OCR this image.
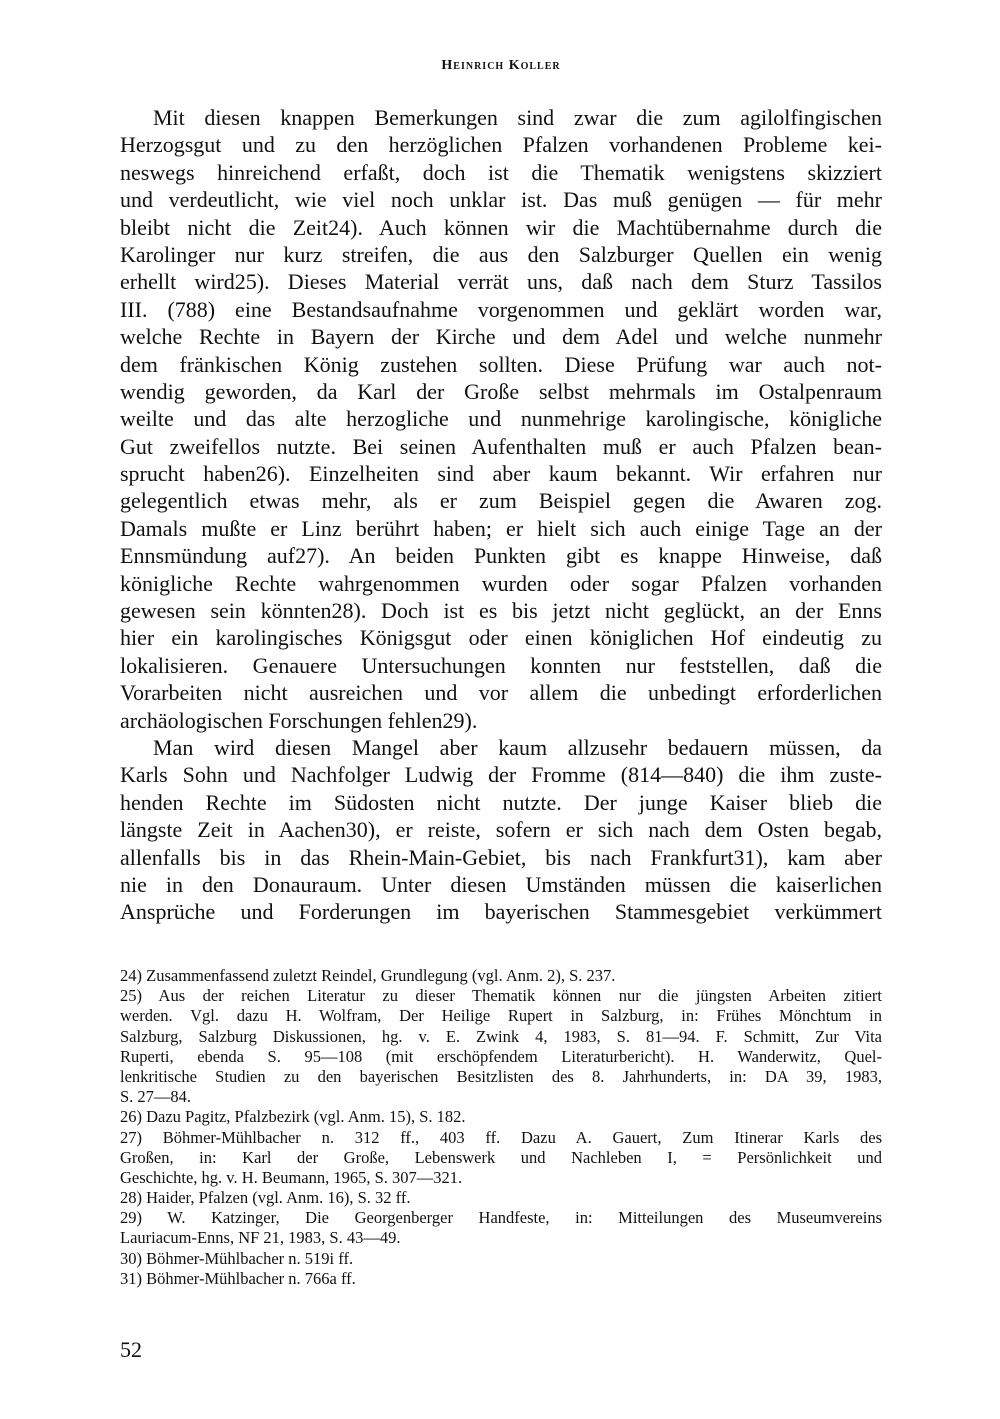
Heinrich Koller
Mit diesen knappen Bemerkungen sind zwar die zum agilolfingischen
Herzogsgut und zu den herzöglichen Pfalzen vorhandenen Probleme kei-
neswegs hinreichend erfaßt, doch ist die Thematik wenigstens skizziert
und verdeutlicht, wie viel noch unklar ist. Das muß genügen — für mehr
bleibt nicht die Zeit24). Auch können wir die Machtübernahme durch die
Karolinger nur kurz streifen, die aus den Salzburger Quellen ein wenig
erhellt wird25). Dieses Material verrät uns, daß nach dem Sturz Tassilos
III. (788) eine Bestandsaufnahme vorgenommen und geklärt worden war,
welche Rechte in Bayern der Kirche und dem Adel und welche nunmehr
dem fränkischen König zustehen sollten. Diese Prüfung war auch not-
wendig geworden, da Karl der Große selbst mehrmals im Ostalpenraum
weilte und das alte herzogliche und nunmehrige karolingische, königliche
Gut zweifellos nutzte. Bei seinen Aufenthalten muß er auch Pfalzen bean-
sprucht haben26). Einzelheiten sind aber kaum bekannt. Wir erfahren nur
gelegentlich etwas mehr, als er zum Beispiel gegen die Awaren zog.
Damals mußte er Linz berührt haben; er hielt sich auch einige Tage an der
Ennsmündung auf27). An beiden Punkten gibt es knappe Hinweise, daß
königliche Rechte wahrgenommen wurden oder sogar Pfalzen vorhanden
gewesen sein könnten28). Doch ist es bis jetzt nicht geglückt, an der Enns
hier ein karolingisches Königsgut oder einen königlichen Hof eindeutig zu
lokalisieren. Genauere Untersuchungen konnten nur feststellen, daß die
Vorarbeiten nicht ausreichen und vor allem die unbedingt erforderlichen
archäologischen Forschungen fehlen29).
Man wird diesen Mangel aber kaum allzusehr bedauern müssen, da
Karls Sohn und Nachfolger Ludwig der Fromme (814—840) die ihm zuste-
henden Rechte im Südosten nicht nutzte. Der junge Kaiser blieb die
längste Zeit in Aachen30), er reiste, sofern er sich nach dem Osten begab,
allenfalls bis in das Rhein-Main-Gebiet, bis nach Frankfurt31), kam aber
nie in den Donauraum. Unter diesen Umständen müssen die kaiserlichen
Ansprüche und Forderungen im bayerischen Stammesgebiet verkümmert
24) Zusammenfassend zuletzt Reindel, Grundlegung (vgl. Anm. 2), S. 237.
25) Aus der reichen Literatur zu dieser Thematik können nur die jüngsten Arbeiten zitiert
werden. Vgl. dazu H. Wolfram, Der Heilige Rupert in Salzburg, in: Frühes Mönchtum in
Salzburg, Salzburg Diskussionen, hg. v. E. Zwink 4, 1983, S. 81—94. F. Schmitt, Zur Vita
Ruperti, ebenda S. 95—108 (mit erschöpfendem Literaturbericht). H. Wanderwitz, Quel-
lenkritische Studien zu den bayerischen Besitzlisten des 8. Jahrhunderts, in: DA 39, 1983,
S. 27—84.
26) Dazu Pagitz, Pfalzbezirk (vgl. Anm. 15), S. 182.
27) Böhmer-Mühlbacher n. 312 ff., 403 ff. Dazu A. Gauert, Zum Itinerar Karls des
Großen, in: Karl der Große, Lebenswerk und Nachleben I, = Persönlichkeit und
Geschichte, hg. v. H. Beumann, 1965, S. 307—321.
28) Haider, Pfalzen (vgl. Anm. 16), S. 32 ff.
29) W. Katzinger, Die Georgenberger Handfeste, in: Mitteilungen des Museumvereins
Lauriacum-Enns, NF 21, 1983, S. 43—49.
30) Böhmer-Mühlbacher n. 519i ff.
31) Böhmer-Mühlbacher n. 766a ff.
52
